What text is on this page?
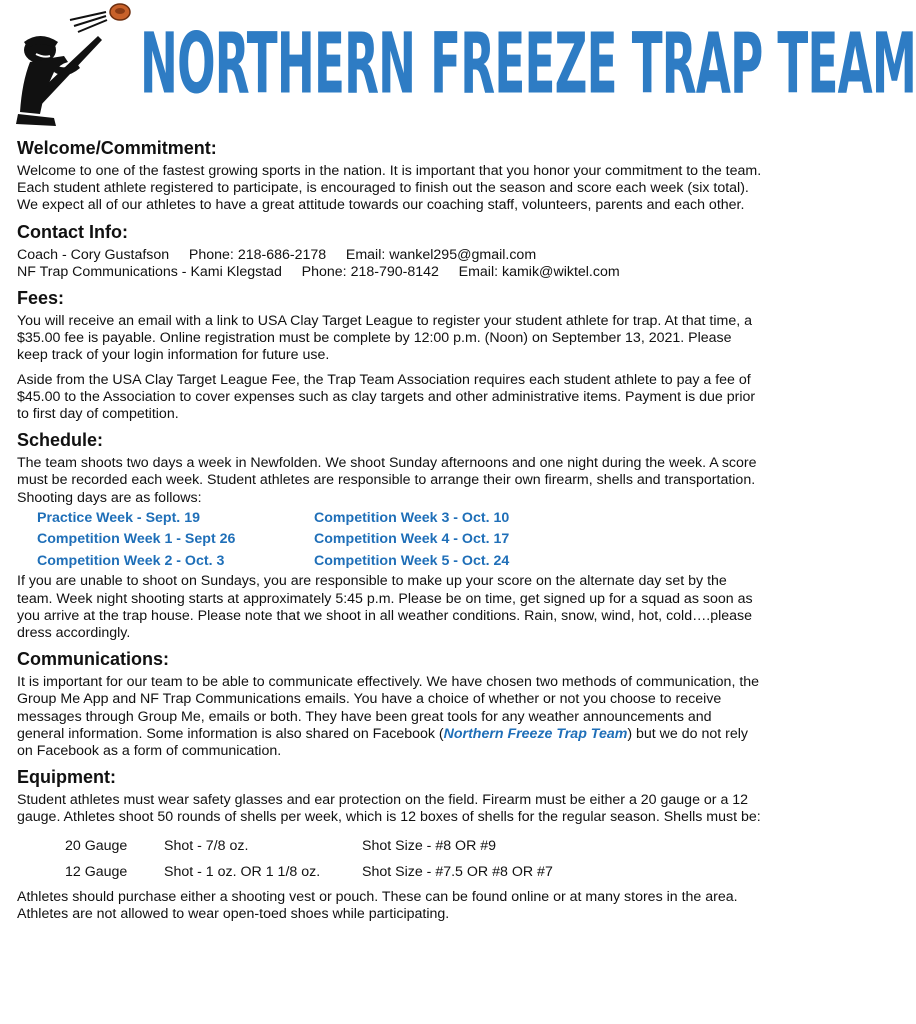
NORTHERN FREEZE TRAP TEAM
Welcome/Commitment:

Welcome to one of the fastest growing sports in the nation. It is important that you honor your commitment to the team. Each student athlete registered to participate, is encouraged to finish out the season and score each week (six total). We expect all of our athletes to have a great attitude towards our coaching staff, volunteers, parents and each other.

Contact Info:

Coach - Cory Gustafson Phone: 218-686-2178 Email: wankel295@gmail.com

NF Trap Communications - Kami Klegstad Phone: 218-790-8142 Email: kamik@wiktel.com

Fees:

You will receive an email with a link to USA Clay Target League to register your student athlete for trap. At that time, a $35.00 fee is payable. Online registration must be complete by 12:00 p.m. (Noon) on September 13, 2021. Please keep track of your login information for future use.

Aside from the USA Clay Target League Fee, the Trap Team Association requires each student athlete to pay a fee of $45.00 to the Association to cover expenses such as clay targets and other administrative items. Payment is due prior to first day of competition.

Schedule:

The team shoots two days a week in Newfolden. We shoot Sunday afternoons and one night during the week. A score must be recorded each week. Student athletes are responsible to arrange their own firearm, shells and transportation. Shooting days are as follows:

Practice Week - Sept. 19	Competition Week 3 - Oct. 10
Competition Week 1 - Sept 26	Competition Week 4 - Oct. 17
Competition Week 2 - Oct. 3	Competition Week 5 - Oct. 24

If you are unable to shoot on Sundays, you are responsible to make up your score on the alternate day set by the team. Week night shooting starts at approximately 5:45 p.m. Please be on time, get signed up for a squad as soon as you arrive at the trap house. Please note that we shoot in all weather conditions. Rain, snow, wind, hot, cold….please dress accordingly.

Communications:

It is important for our team to be able to communicate effectively. We have chosen two methods of communication, the Group Me App and NF Trap Communications emails. You have a choice of whether or not you choose to receive messages through Group Me, emails or both. They have been great tools for any weather announcements and general information. Some information is also shared on Facebook (Northern Freeze Trap Team) but we do not rely on Facebook as a form of communication.

Equipment:

Student athletes must wear safety glasses and ear protection on the field. Firearm must be either a 20 gauge or a 12 gauge. Athletes shoot 50 rounds of shells per week, which is 12 boxes of shells for the regular season. Shells must be:

20 Gauge	Shot - 7/8 oz.	Shot Size - #8 OR #9
12 Gauge	Shot - 1 oz. OR 1 1/8 oz.	Shot Size - #7.5 OR #8 OR #7

Athletes should purchase either a shooting vest or pouch. These can be found online or at many stores in the area. Athletes are not allowed to wear open-toed shoes while participating.
